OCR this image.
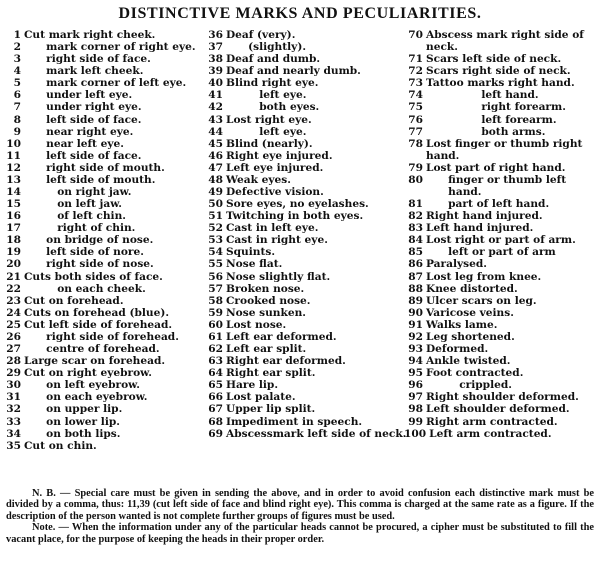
DISTINCTIVE MARKS AND PECULIARITIES.
1 Cut mark right cheek.
2 mark corner of right eye.
3 right side of face.
4 mark left cheek.
5 mark corner of left eye.
6 under left eye.
7 under right eye.
8 left side of face.
9 near right eye.
10 near left eye.
11 left side of face.
12 right side of mouth.
13 left side of mouth.
14 on right jaw.
15 on left jaw.
16 of left chin.
17 right of chin.
18 on bridge of nose.
19 left side of nore.
20 right side of nose.
21 Cuts both sides of face.
22 on each cheek.
23 Cut on forehead.
24 Cuts on forehead (blue).
25 Cut left side of forehead.
26 right side of forehead.
27 centre of forehead.
28 Large scar on forehead.
29 Cut on right eyebrow.
30 on left eyebrow.
31 on each eyebrow.
32 on upper lip.
33 on lower lip.
34 on both lips.
35 Cut on chin.
36 Deaf (very).
37 (slightly).
38 Deaf and dumb.
39 Deaf and nearly dumb.
40 Blind right eye.
41 left eye.
42 both eyes.
43 Lost right eye.
44 left eye.
45 Blind (nearly).
46 Right eye injured.
47 Left eye injured.
48 Weak eyes.
49 Defective vision.
50 Sore eyes, no eyelashes.
51 Twitching in both eyes.
52 Cast in left eye.
53 Cast in right eye.
54 Squints.
55 Nose flat.
56 Nose slightly flat.
57 Broken nose.
58 Crooked nose.
59 Nose sunken.
60 Lost nose.
61 Left ear deformed.
62 Left ear split.
63 Right ear deformed.
64 Right ear split.
65 Hare lip.
66 Lost palate.
67 Upper lip split.
68 Impediment in speech.
69 Abscessmark left side of neck.
70 Abscess mark right side of
neck.
71 Scars left side of neck.
72 Scars right side of neck.
73 Tattoo marks right hand.
74 left hand.
75 right forearm.
76 left forearm.
77 both arms.
78 Lost finger or thumb right
hand.
79 Lost part of right hand.
80 finger or thumb left
hand.
81 part of left hand.
82 Right hand injured.
83 Left hand injured.
84 Lost right or part of arm.
85 left or part of arm
86 Paralysed.
87 Lost leg from knee.
88 Knee distorted.
89 Ulcer scars on leg.
90 Varicose veins.
91 Walks lame.
92 Leg shortened.
93 Deformed.
94 Ankle twisted.
95 Foot contracted.
96 crippled.
97 Right shoulder deformed.
98 Left shoulder deformed.
99 Right arm contracted.
100 Left arm contracted.

N. B. — Special care must be given in sending the above, and in order to avoid confusion each distinctive mark must be divided by a comma, thus: 11,39 (cut left side of face and blind right eye). This comma is charged at the same rate as a figure. If the description of the person wanted is not complete further groups of figures must be used.

Note. — When the information under any of the particular heads cannot be procured, a cipher must be substituted to fill the vacant place, for the purpose of keeping the heads in their proper order.
